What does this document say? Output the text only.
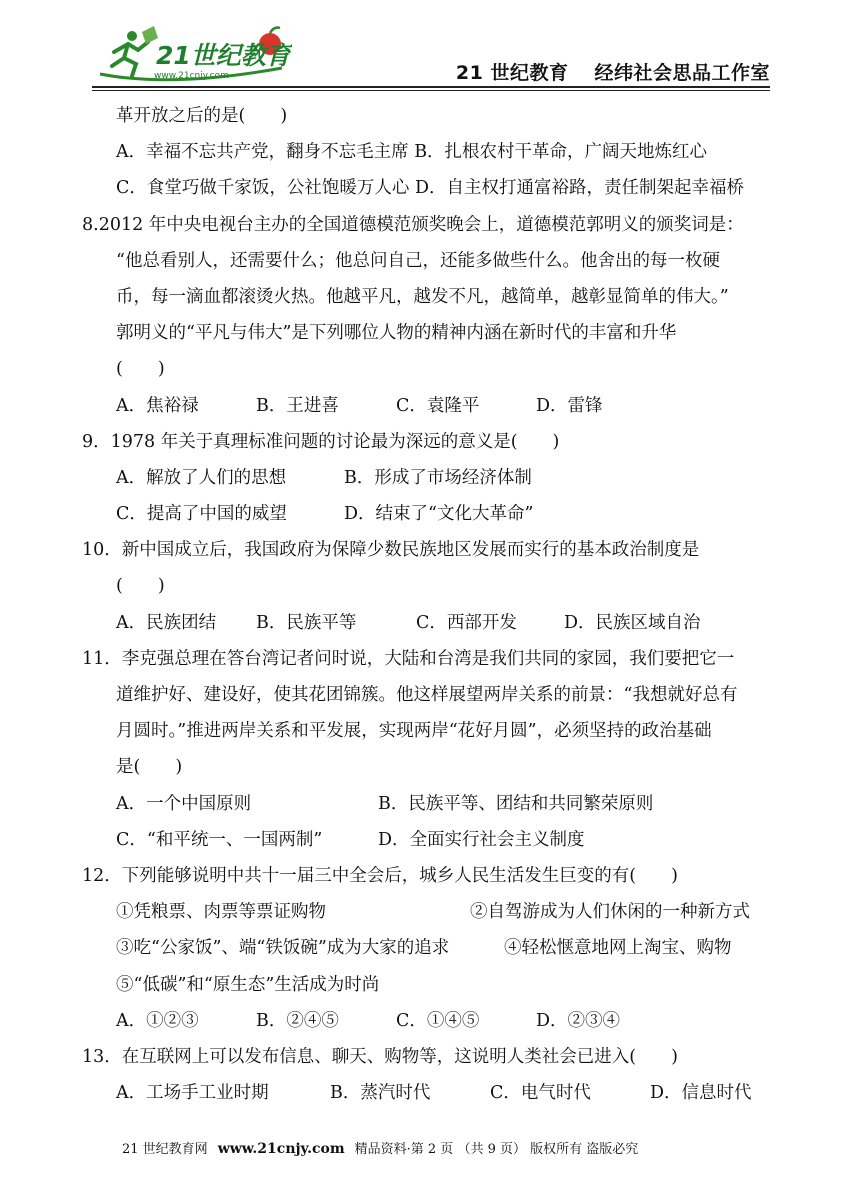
21世纪教育
www.21cnjy.com	21 世纪教育 经纬社会思品工作室
革开放之后的是(　　)
A．幸福不忘共产党，翻身不忘毛主席 B．扎根农村干革命，广阔天地炼红心
C．食堂巧做千家饭，公社饱暖万人心 D．自主权打通富裕路，责任制架起幸福桥
8.2012 年中央电视台主办的全国道德模范颁奖晚会上，道德模范郭明义的颁奖词是：
“他总看别人，还需要什么；他总问自己，还能多做些什么。他舍出的每一枚硬
币，每一滴血都滚烫火热。他越平凡，越发不凡，越简单，越彰显简单的伟大。”
郭明义的“平凡与伟大”是下列哪位人物的精神内涵在新时代的丰富和升华
(　　)
A．焦裕禄	B．王进喜	C．袁隆平	D．雷锋
9．1978 年关于真理标准问题的讨论最为深远的意义是(　　)
A．解放了人们的思想	B．形成了市场经济体制
C．提高了中国的威望	D．结束了“文化大革命”
10．新中国成立后，我国政府为保障少数民族地区发展而实行的基本政治制度是
(　　)
A．民族团结	B．民族平等	C．西部开发	D．民族区域自治
11．李克强总理在答台湾记者问时说，大陆和台湾是我们共同的家园，我们要把它一
道维护好、建设好，使其花团锦簇。他这样展望两岸关系的前景：“我想就好总有
月圆时。”推进两岸关系和平发展，实现两岸“花好月圆”，必须坚持的政治基础
是(　　)
A．一个中国原则	B．民族平等、团结和共同繁荣原则
C．“和平统一、一国两制”	D．全面实行社会主义制度
12．下列能够说明中共十一届三中全会后，城乡人民生活发生巨变的有(　　)
①凭粮票、肉票等票证购物	②自驾游成为人们休闲的一种新方式
③吃“公家饭”、端“铁饭碗”成为大家的追求	④轻松惬意地网上淘宝、购物
⑤“低碳”和“原生态”生活成为时尚
A．①②③	B．②④⑤	C．①④⑤	D．②③④
13．在互联网上可以发布信息、聊天、购物等，这说明人类社会已进入(　　)
A．工场手工业时期	B．蒸汽时代	C．电气时代	D．信息时代
21 世纪教育网 www.21cnjy.com 精品资料·第 2 页 （共 9 页） 版权所有 盗版必究
